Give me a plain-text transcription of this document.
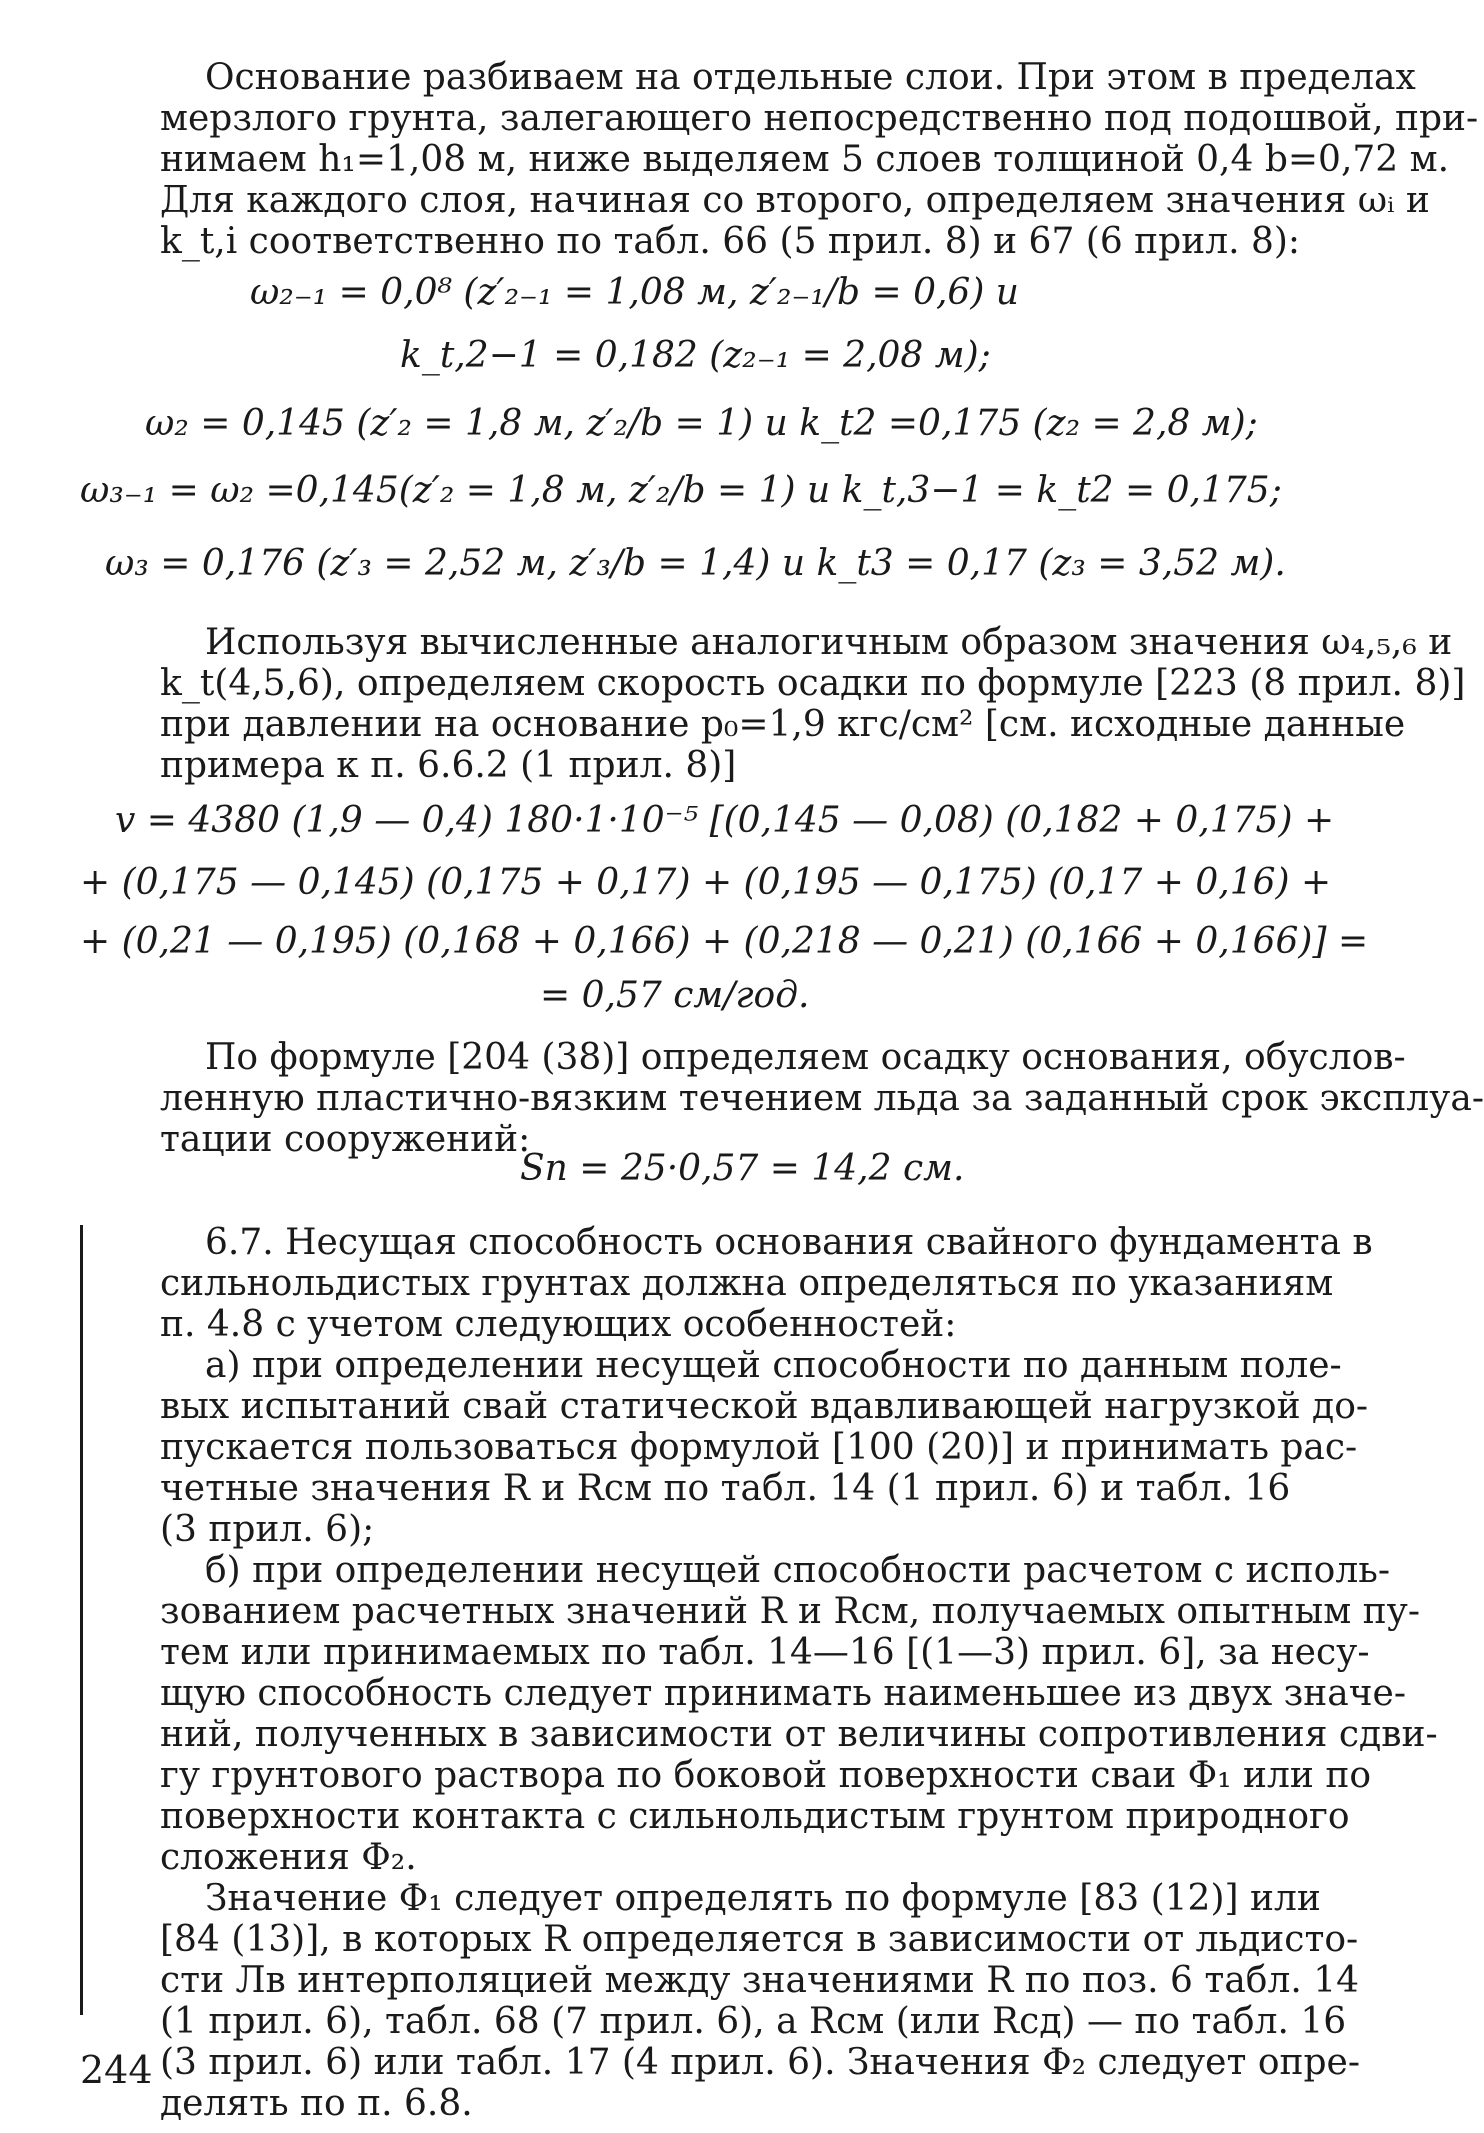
Основание разбиваем на отдельные слои. При этом в пределах
мерзлого грунта, залегающего непосредственно под подошвой, при-
нимаем h₁=1,08 м, ниже выделяем 5 слоев толщиной 0,4 b=0,72 м.
Для каждого слоя, начиная со второго, определяем значения ωᵢ и
k_t,i соответственно по табл. 66 (5 прил. 8) и 67 (6 прил. 8):
ω₂₋₁ = 0,0⁸ (z′₂₋₁ = 1,08 м, z′₂₋₁/b = 0,6) и
k_t,2−1 = 0,182 (z₂₋₁ = 2,08 м);
ω₂ = 0,145 (z′₂ = 1,8 м, z′₂/b = 1) и k_t2 =0,175 (z₂ = 2,8 м);
ω₃₋₁ = ω₂ =0,145(z′₂ = 1,8 м, z′₂/b = 1) и k_t,3−1 = k_t2 = 0,175;
ω₃ = 0,176 (z′₃ = 2,52 м, z′₃/b = 1,4) и k_t3 = 0,17 (z₃ = 3,52 м).
Используя вычисленные аналогичным образом значения ω₄,₅,₆ и
k_t(4,5,6), определяем скорость осадки по формуле [223 (8 прил. 8)]
при давлении на основание p₀=1,9 кгс/см² [см. исходные данные
примера к п. 6.6.2 (1 прил. 8)]
v = 4380 (1,9 — 0,4) 180·1·10⁻⁵ [(0,145 — 0,08) (0,182 + 0,175) +
+ (0,175 — 0,145) (0,175 + 0,17) + (0,195 — 0,175) (0,17 + 0,16) +
+ (0,21 — 0,195) (0,168 + 0,166) + (0,218 — 0,21) (0,166 + 0,166)] =
= 0,57 см/год.
По формуле [204 (38)] определяем осадку основания, обуслов-
ленную пластично-вязким течением льда за заданный срок эксплуа-
тации сооружений:
Sп = 25·0,57 = 14,2 см.
6.7. Несущая способность основания свайного фундамента в
сильнольдистых грунтах должна определяться по указаниям
п. 4.8 с учетом следующих особенностей:
а) при определении несущей способности по данным поле-
вых испытаний свай статической вдавливающей нагрузкой до-
пускается пользоваться формулой [100 (20)] и принимать рас-
четные значения R и Rсм по табл. 14 (1 прил. 6) и табл. 16
(3 прил. 6);
б) при определении несущей способности расчетом с исполь-
зованием расчетных значений R и Rсм, получаемых опытным пу-
тем или принимаемых по табл. 14—16 [(1—3) прил. 6], за несу-
щую способность следует принимать наименьшее из двух значе-
ний, полученных в зависимости от величины сопротивления сдви-
гу грунтового раствора по боковой поверхности сваи Φ₁ или по
поверхности контакта с сильнольдистым грунтом природного
сложения Φ₂.
Значение Φ₁ следует определять по формуле [83 (12)] или
[84 (13)], в которых R определяется в зависимости от льдисто-
сти Лв интерполяцией между значениями R по поз. 6 табл. 14
(1 прил. 6), табл. 68 (7 прил. 6), а Rсм (или Rсд) — по табл. 16
(3 прил. 6) или табл. 17 (4 прил. 6). Значения Φ₂ следует опре-
делять по п. 6.8.
244
